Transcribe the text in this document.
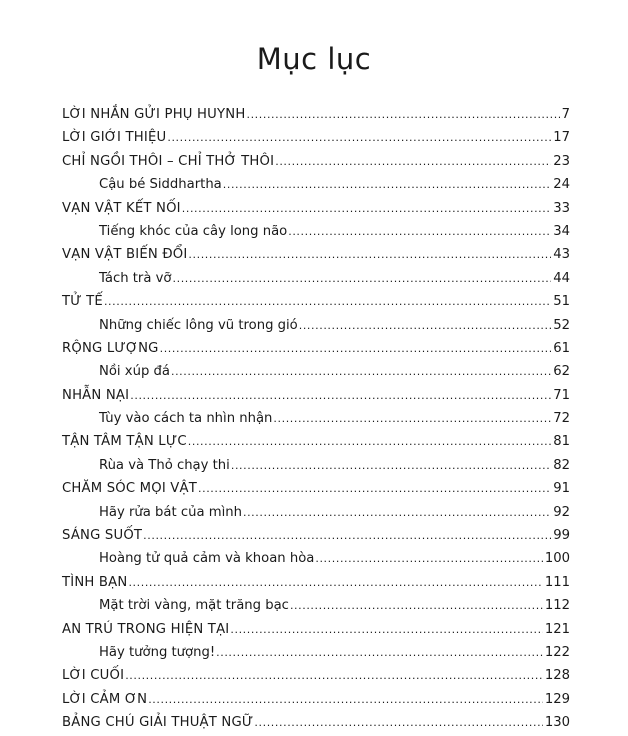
Mục lục
LỜI NHẮN GỬI PHỤ HUYNH .....	7
LỜI GIỚI THIỆU .....	17
CHỈ NGỒI THÔI – CHỈ THỞ THÔI .....	23
Cậu bé Siddhartha .....	24
VẠN VẬT KẾT NỐI .....	33
Tiếng khóc của cây long não .....	34
VẠN VẬT BIẾN ĐỔI .....	43
Tách trà vỡ .....	44
TỬ TẾ .....	51
Những chiếc lông vũ trong gió .....	52
RỘNG LƯỢNG .....	61
Nồi xúp đá .....	62
NHẪN NẠI .....	71
Tùy vào cách ta nhìn nhận .....	72
TẬN TÂM TẬN LỰC .....	81
Rùa và Thỏ chạy thi .....	82
CHĂM SÓC MỌI VẬT .....	91
Hãy rửa bát của mình .....	92
SÁNG SUỐT .....	99
Hoàng tử quả cảm và khoan hòa .....	100
TÌNH BẠN .....	111
Mặt trời vàng, mặt trăng bạc .....	112
AN TRÚ TRONG HIỆN TẠI .....	121
Hãy tưởng tượng! .....	122
LỜI CUỐI .....	128
LỜI CẢM ƠN .....	129
BẢNG CHÚ GIẢI THUẬT NGỮ .....	130
